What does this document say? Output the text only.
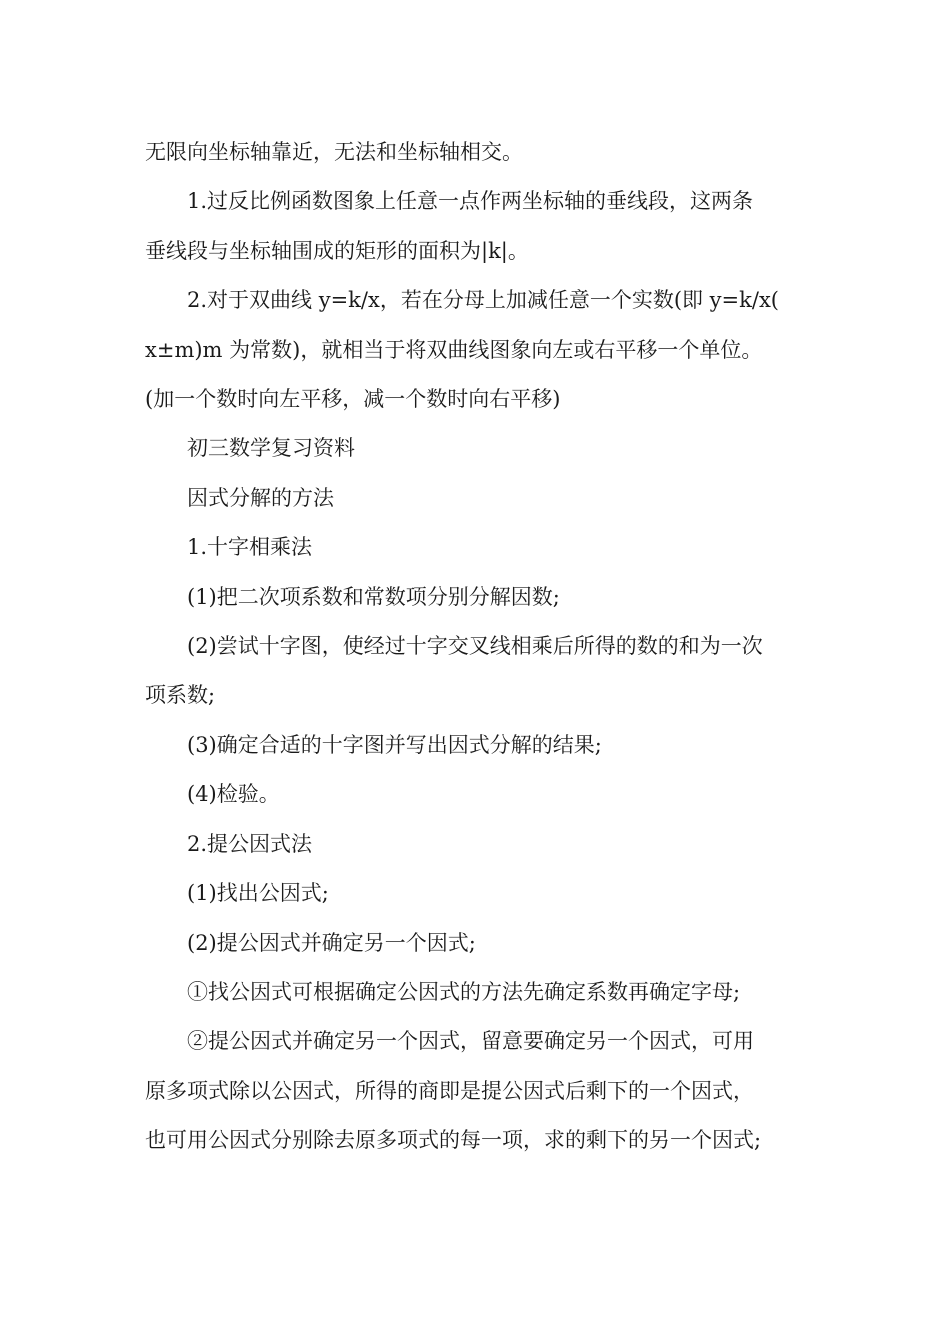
无限向坐标轴靠近，无法和坐标轴相交。
1.过反比例函数图象上任意一点作两坐标轴的垂线段，这两条
垂线段与坐标轴围成的矩形的面积为|k|。
2.对于双曲线 y=k/x，若在分母上加减任意一个实数(即 y=k/x(
x±m)m 为常数)，就相当于将双曲线图象向左或右平移一个单位。
(加一个数时向左平移，减一个数时向右平移)
初三数学复习资料
因式分解的方法
1.十字相乘法
(1)把二次项系数和常数项分别分解因数;
(2)尝试十字图，使经过十字交叉线相乘后所得的数的和为一次
项系数;
(3)确定合适的十字图并写出因式分解的结果;
(4)检验。
2.提公因式法
(1)找出公因式;
(2)提公因式并确定另一个因式;
①找公因式可根据确定公因式的方法先确定系数再确定字母;
②提公因式并确定另一个因式，留意要确定另一个因式，可用
原多项式除以公因式，所得的商即是提公因式后剩下的一个因式，
也可用公因式分别除去原多项式的每一项，求的剩下的另一个因式;
